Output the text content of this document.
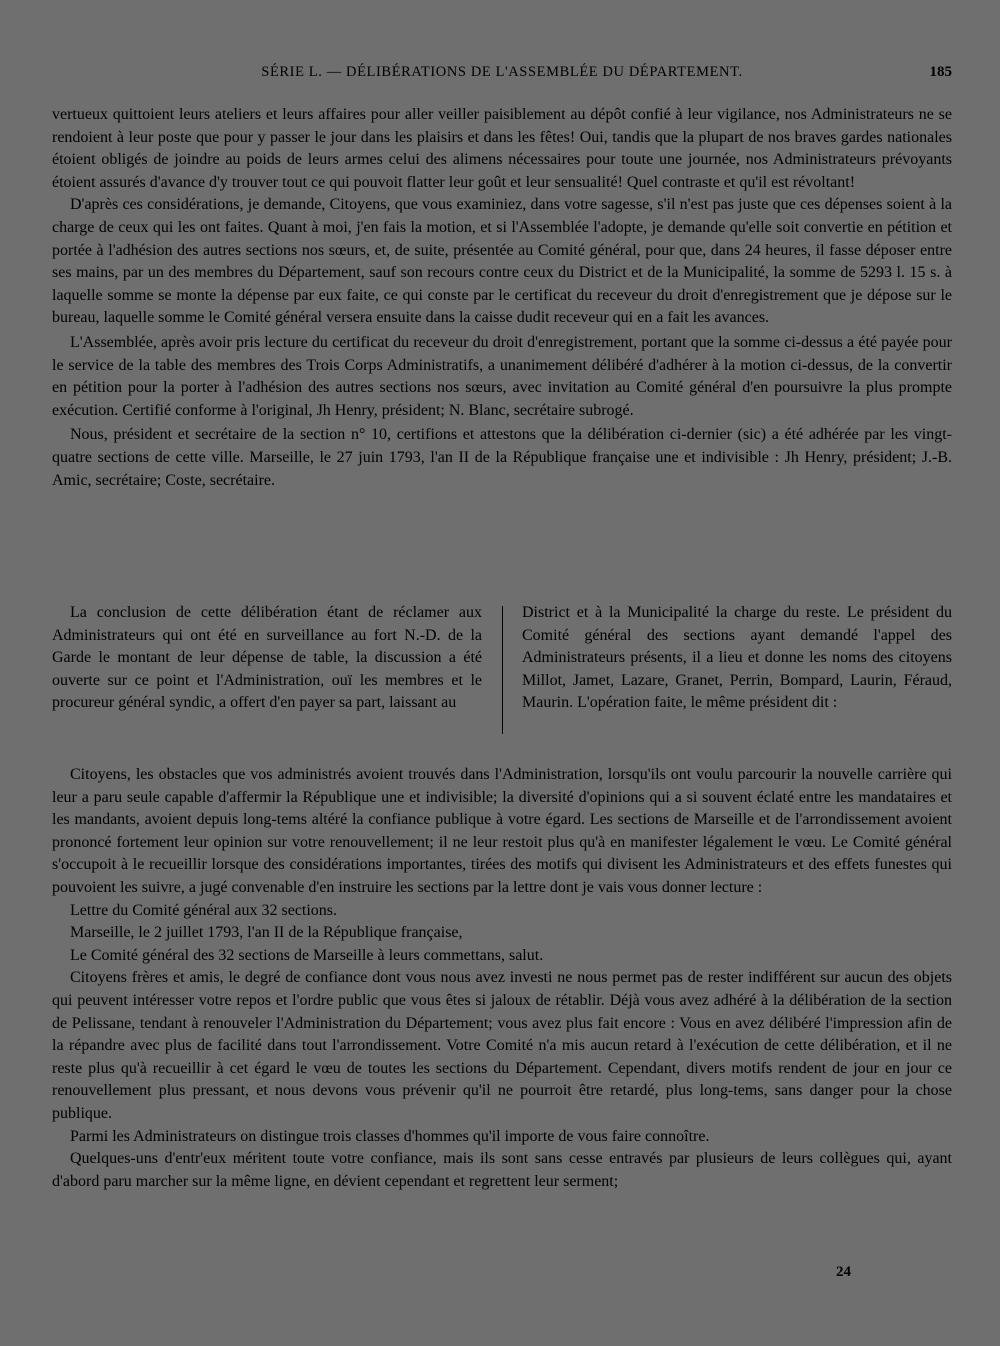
SÉRIE L. — DÉLIBÉRATIONS DE L'ASSEMBLÉE DU DÉPARTEMENT.	185

vertueux quittoient leurs ateliers et leurs affaires pour aller veiller paisiblement au dépôt confié à leur vigilance, nos Administrateurs ne se rendoient à leur poste que pour y passer le jour dans les plaisirs et dans les fêtes! Oui, tandis que la plupart de nos braves gardes nationales étoient obligés de joindre au poids de leurs armes celui des alimens nécessaires pour toute une journée, nos Administrateurs prévoyants étoient assurés d'avance d'y trouver tout ce qui pouvoit flatter leur goût et leur sensualité! Quel contraste et qu'il est révoltant!

D'après ces considérations, je demande, Citoyens, que vous examiniez, dans votre sagesse, s'il n'est pas juste que ces dépenses soient à la charge de ceux qui les ont faites. Quant à moi, j'en fais la motion, et si l'Assemblée l'adopte, je demande qu'elle soit convertie en pétition et portée à l'adhésion des autres sections nos sœurs, et, de suite, présentée au Comité général, pour que, dans 24 heures, il fasse déposer entre ses mains, par un des membres du Département, sauf son recours contre ceux du District et de la Municipalité, la somme de 5293 l. 15 s. à laquelle somme se monte la dépense par eux faite, ce qui conste par le certificat du receveur du droit d'enregistrement que je dépose sur le bureau, laquelle somme le Comité général versera ensuite dans la caisse dudit receveur qui en a fait les avances.

L'Assemblée, après avoir pris lecture du certificat du receveur du droit d'enregistrement, portant que la somme ci-dessus a été payée pour le service de la table des membres des Trois Corps Administratifs, a unanimement délibéré d'adhérer à la motion ci-dessus, de la convertir en pétition pour la porter à l'adhésion des autres sections nos sœurs, avec invitation au Comité général d'en poursuivre la plus prompte exécution. Certifié conforme à l'original, Jh Henry, président; N. Blanc, secrétaire subrogé.

Nous, président et secrétaire de la section n° 10, certifions et attestons que la délibération ci-dernier (sic) a été adhérée par les vingt-quatre sections de cette ville. Marseille, le 27 juin 1793, l'an II de la République française une et indivisible : Jh Henry, président; J.-B. Amic, secrétaire; Coste, secrétaire.

La conclusion de cette délibération étant de réclamer aux Administrateurs qui ont été en surveillance au fort N.-D. de la Garde le montant de leur dépense de table, la discussion a été ouverte sur ce point et l'Administration, ouï les membres et le procureur général syndic, a offert d'en payer sa part, laissant au

District et à la Municipalité la charge du reste. Le président du Comité général des sections ayant demandé l'appel des Administrateurs présents, il a lieu et donne les noms des citoyens Millot, Jamet, Lazare, Granet, Perrin, Bompard, Laurin, Féraud, Maurin. L'opération faite, le même président dit :

Citoyens, les obstacles que vos administrés avoient trouvés dans l'Administration, lorsqu'ils ont voulu parcourir la nouvelle carrière qui leur a paru seule capable d'affermir la République une et indivisible; la diversité d'opinions qui a si souvent éclaté entre les mandataires et les mandants, avoient depuis long-tems altéré la confiance publique à votre égard. Les sections de Marseille et de l'arrondissement avoient prononcé fortement leur opinion sur votre renouvellement; il ne leur restoit plus qu'à en manifester légalement le vœu. Le Comité général s'occupoit à le recueillir lorsque des considérations importantes, tirées des motifs qui divisent les Administrateurs et des effets funestes qui pouvoient les suivre, a jugé convenable d'en instruire les sections par la lettre dont je vais vous donner lecture :

Lettre du Comité général aux 32 sections.

Marseille, le 2 juillet 1793, l'an II de la République française,

Le Comité général des 32 sections de Marseille à leurs commettans, salut.

Citoyens frères et amis, le degré de confiance dont vous nous avez investi ne nous permet pas de rester indifférent sur aucun des objets qui peuvent intéresser votre repos et l'ordre public que vous êtes si jaloux de rétablir. Déjà vous avez adhéré à la délibération de la section de Pelissane, tendant à renouveler l'Administration du Département; vous avez plus fait encore : Vous en avez délibéré l'impression afin de la répandre avec plus de facilité dans tout l'arrondissement. Votre Comité n'a mis aucun retard à l'exécution de cette délibération, et il ne reste plus qu'à recueillir à cet égard le vœu de toutes les sections du Département. Cependant, divers motifs rendent de jour en jour ce renouvellement plus pressant, et nous devons vous prévenir qu'il ne pourroit être retardé, plus long-tems, sans danger pour la chose publique.

Parmi les Administrateurs on distingue trois classes d'hommes qu'il importe de vous faire connoître.

Quelques-uns d'entr'eux méritent toute votre confiance, mais ils sont sans cesse entravés par plusieurs de leurs collègues qui, ayant d'abord paru marcher sur la même ligne, en dévient cependant et regrettent leur serment;

24
